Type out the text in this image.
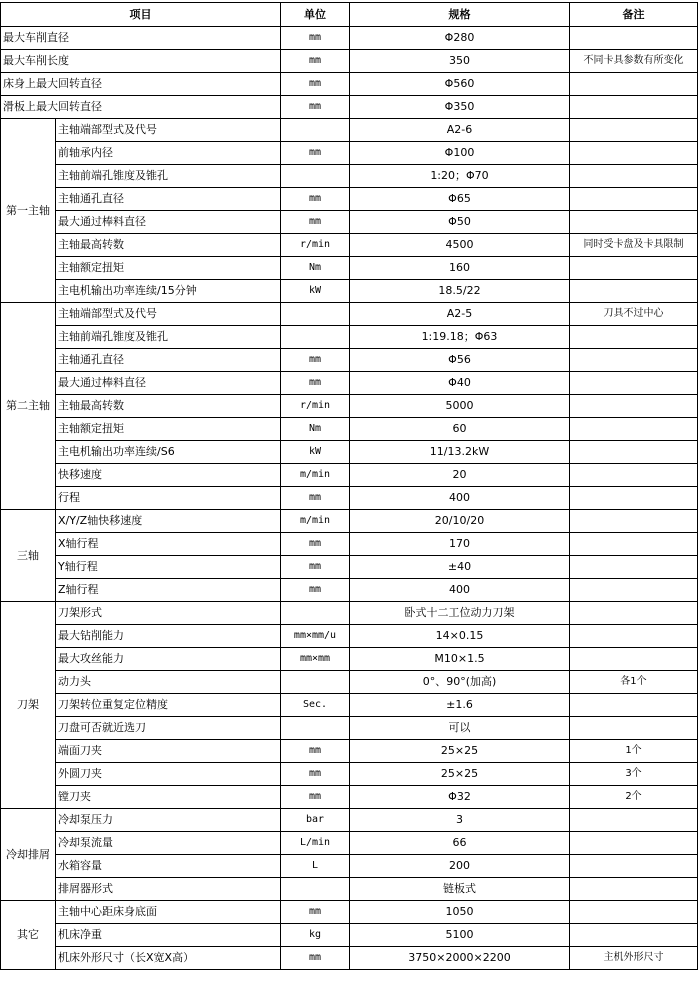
项目		单位	规格	备注
最大车削直径		mm	Φ280	
最大车削长度		mm	350	不同卡具参数有所变化
床身上最大回转直径		mm	Φ560	
滑板上最大回转直径		mm	Φ350	
第一主轴	主轴端部型式及代号		A2-6	
	前轴承内径	mm	Φ100	
	主轴前端孔锥度及锥孔		1:20；Φ70	
	主轴通孔直径	mm	Φ65	
	最大通过棒料直径	mm	Φ50	
	主轴最高转数	r/min	4500	同时受卡盘及卡具限制
	主轴额定扭矩	Nm	160	
	主电机输出功率连续/15分钟	kW	18.5/22	
第二主轴	主轴端部型式及代号		A2-5	刀具不过中心
	主轴前端孔锥度及锥孔		1:19.18；Φ63	
	主轴通孔直径	mm	Φ56	
	最大通过棒料直径	mm	Φ40	
	主轴最高转数	r/min	5000	
	主轴额定扭矩	Nm	60	
	主电机输出功率连续/S6	kW	11/13.2kW	
	快移速度	m/min	20	
	行程	mm	400	
三轴	X/Y/Z轴快移速度	m/min	20/10/20	
	X轴行程	mm	170	
	Y轴行程	mm	±40	
	Z轴行程	mm	400	
刀架	刀架形式		卧式十二工位动力刀架	
	最大钻削能力	mm×mm/u	14×0.15	
	最大攻丝能力	mm×mm	M10×1.5	
	动力头		0°、90°(加高)	各1个
	刀架转位重复定位精度	Sec.	±1.6	
	刀盘可否就近选刀		可以	
	端面刀夹	mm	25×25	1个
	外圆刀夹	mm	25×25	3个
	镗刀夹	mm	Φ32	2个
冷却排屑	冷却泵压力	bar	3	
	冷却泵流量	L/min	66	
	水箱容量	L	200	
	排屑器形式		链板式	
其它	主轴中心距床身底面	mm	1050	
	机床净重	kg	5100	
	机床外形尺寸（长X宽X高）	mm	3750×2000×2200	主机外形尺寸
